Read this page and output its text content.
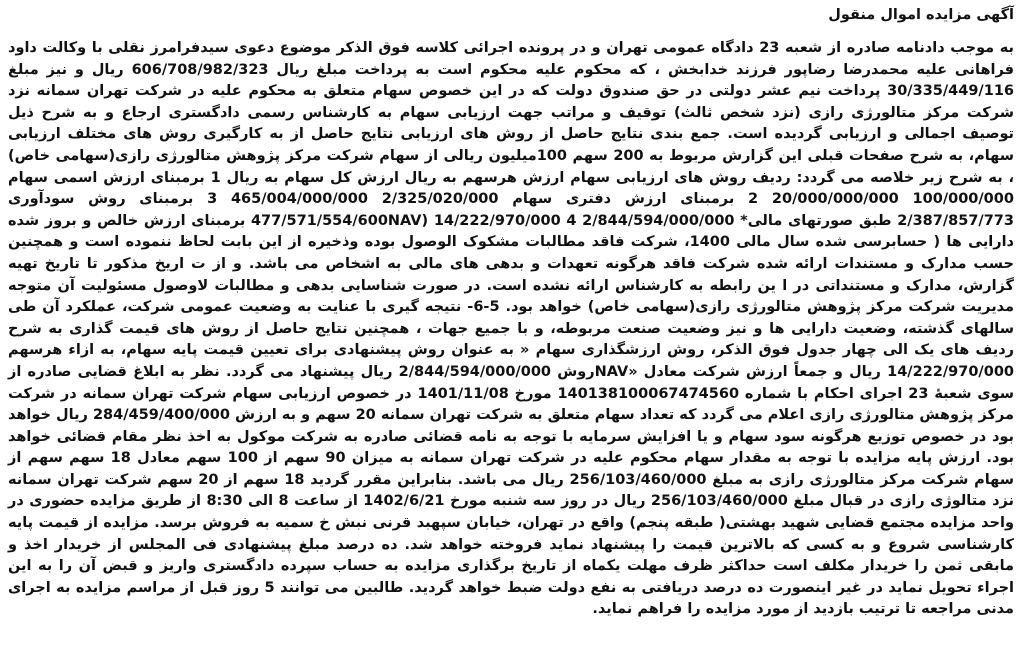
آگهی مزایده اموال منقول

به موجب دادنامه صادره از شعبه 23 دادگاه عمومی تهران و در پرونده اجرائی کلاسه فوق الذکر موضوع دعوی سیدفرامرز نقلی با وکالت داود فراهانی علیه محمدرضا رضاپور فرزند خدابخش ، که محکوم علیه محکوم است به پرداخت مبلغ ریال 606/708/982/323 ریال و نیز مبلغ 30/335/449/116 پرداخت نیم عشر دولتی در حق صندوق دولت که در این خصوص سهام متعلق به محکوم علیه در شرکت تهران سمانه نزد شرکت مرکز متالورژی رازی (نزد شخص ثالث) توقیف و مراتب جهت ارزیابی سهام به کارشناس رسمی دادگستری ارجاع و به شرح ذیل توصیف اجمالی و ارزیابی گردیده است. جمع بندی نتایج حاصل از روش های ارزیابی نتایج حاصل از به کارگیری روش های مختلف ارزیابی سهام، به شرح صفحات قبلی این گزارش مربوط به 200 سهم 100میلیون ریالی از سهام شرکت مرکز پژوهش متالورژی رازی(سهامی خاص) ، به شرح زیر خلاصه می گردد: ردیف روش های ارزیابی سهام ارزش هرسهم به ریال ارزش کل سهام به ریال 1 برمبنای ارزش اسمی سهام 100/000/000 20/000/000/000 2 برمبنای ارزش دفتری سهام 2/325/020/000 465/004/000/000 3 برمبنای روش سودآوری 2/387/857/773 طبق صورتهای مالی* 2/844/594/000/000 477/571/554/600NAV) 14/222/970/000 4 برمبنای ارزش خالص و بروز شده دارایی ها ( حسابرسی شده سال مالی 1400، شرکت فاقد مطالبات مشکوک الوصول بوده وذخیره از این بابت لحاظ ننموده است و همچنین حسب مدارک و مستندات ارائه شده شرکت فاقد هرگونه تعهدات و بدهی های مالی به اشخاص می باشد. و از ت اریخ مذکور تا تاریخ تهیه گزارش، مدارک و مستنداتی در ا ین رابطه به کارشناس ارائه نشده است. در صورت شناسایی بدهی و مطالبات لاوصول مسئولیت آن متوجه مدیریت شرکت مرکز پژوهش متالورژی رازی(سهامی خاص) خواهد بود. 5-6- نتیجه گیری با عنایت به وضعیت عمومی شرکت، عملکرد آن طی سالهای گذشته، وضعیت دارایی ها و نیز وضعیت صنعت مربوطه، و با جمیع جهات ، همچنین نتایج حاصل از روش های قیمت گذاری به شرح ردیف های یک الی چهار جدول فوق الذکر، روش ارزشگذاری سهام « به عنوان روش پیشنهادی برای تعیین قیمت پایه سهام، به ازاء هرسهم 14/222/970/000 ریال و جمعاً ارزش شرکت معادل «NAVروش 2/844/594/000/000 ریال پیشنهاد می گردد. نظر به ابلاغ قضایی صادره از سوی شعبهٔ 23 اجرای احکام با شماره 140138100067474560 مورخ 1401/11/08 در خصوص ارزیابی سهام شرکت تهران سمانه در شرکت مرکز پژوهش متالورژی رازی اعلام می گردد که تعداد سهام متعلق به شرکت تهران سمانه 20 سهم و به ارزش 284/459/400/000 ریال خواهد بود در خصوص توزیع هرگونه سود سهام و یا افزایش سرمایه با توجه به نامه قضائی صادره به شرکت موکول به اخذ نظر مقام قضائی خواهد بود. ارزش پایه مزایده با توجه به مقدار سهام محکوم علیه در شرکت تهران سمانه به میزان 90 سهم از 100 سهم معادل 18 سهم سهم از سهام شرکت مرکز متالورژی رازی به مبلغ 256/103/460/000 ریال می باشد. بنابراین مقرر گردید 18 سهم از 20 سهم شرکت تهران سمانه نزد متالوژی رازی در قبال مبلغ 256/103/460/000 ریال در روز سه شنبه مورخ 1402/6/21 از ساعت 8 الی 8:30 از طریق مزایده حضوری در واحد مزایده مجتمع قضایی شهید بهشتی( طبقه پنجم) واقع در تهران، خیابان سپهبد قرنی نبش خ سمیه به فروش برسد. مزایده از قیمت پایه کارشناسی شروع و به کسی که بالاترین قیمت را پیشنهاد نماید فروخته خواهد شد. ده درصد مبلغ پیشنهادی فی المجلس از خریدار اخذ و مابقی ثمن را خریدار مکلف است حداکثر ظرف مهلت یکماه از تاریخ برگذاری مزایده به حساب سپرده دادگستری واریز و قبض آن را به این اجراء تحویل نماید در غیر اینصورت ده درصد دریافتی به نفع دولت ضبط خواهد گردید. طالبین می توانند 5 روز قبل از مراسم مزایده به اجرای مدنی مراجعه تا ترتیب بازدید از مورد مزایده را فراهم نماید.
